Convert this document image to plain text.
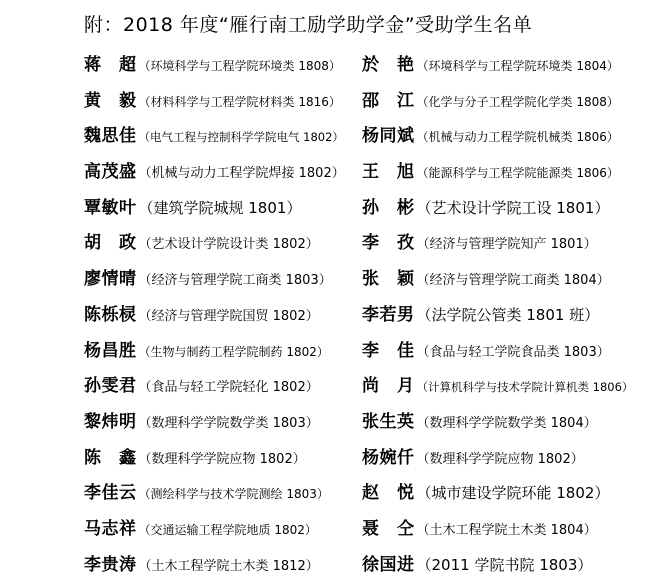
附：2018 年度“雁行南工励学助学金”受助学生名单
蒋　超 （环境科学与工程学院环境类 1808） 於　艳 （环境科学与工程学院环境类 1804）
黄　毅 （材料科学与工程学院材料类 1816） 邵　江 （化学与分子工程学院化学类 1808）
魏思佳 （电气工程与控制科学学院电气 1802） 杨同斌 （机械与动力工程学院机械类 1806）
高茂盛 （机械与动力工程学院焊接 1802） 王　旭 （能源科学与工程学院能源类 1806）
覃敏叶 （建筑学院城规 1801）	孙　彬 （艺术设计学院工设 1801）
胡　政 （艺术设计学院设计类 1802）	李　孜 （经济与管理学院知产 1801）
廖情晴 （经济与管理学院工商类 1803） 张　颖 （经济与管理学院工商类 1804）
陈栎棂 （经济与管理学院国贸 1802）	李若男 （法学院公管类 1801 班）
杨昌胜 （生物与制药工程学院制药 1802） 李　佳 （食品与轻工学院食品类 1803）
孙雯君 （食品与轻工学院轻化 1802）	尚　月 （计算机科学与技术学院计算机类 1806）
黎炜明 （数理科学学院数学类 1803）	张生英 （数理科学学院数学类 1804）
陈　鑫 （数理科学学院应物 1802）	杨婉仟 （数理科学学院应物 1802）
李佳云 （测绘科学与技术学院测绘 1803） 赵　悦 （城市建设学院环能 1802）
马志祥 （交通运输工程学院地质 1802）	聂　仝 （土木工程学院土木类 1804）
李贵涛 （土木工程学院土木类 1812）	徐国进 （2011 学院书院 1803）
